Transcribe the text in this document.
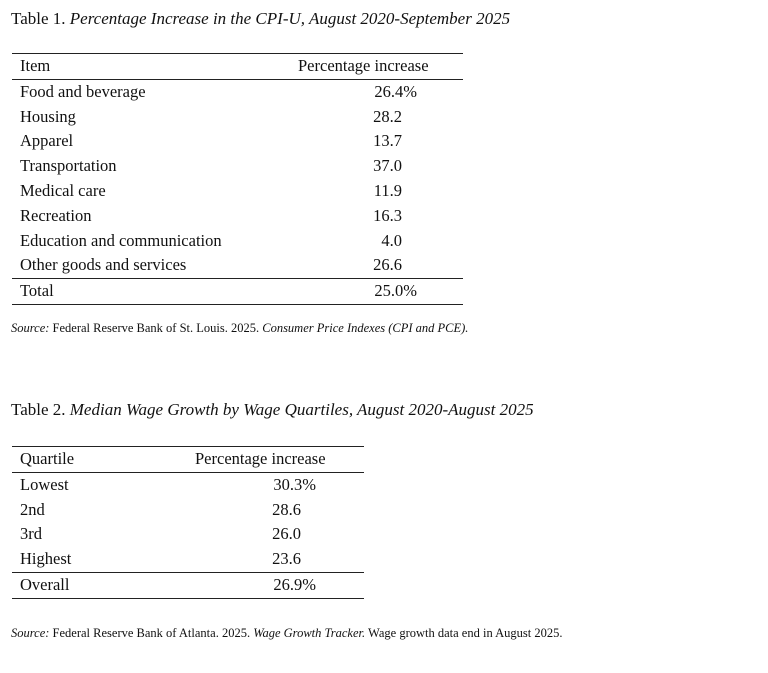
Table 1. Percentage Increase in the CPI-U, August 2020-September 2025
Item	Percentage increase
Food and beverage	26.4%
Housing	28.2
Apparel	13.7
Transportation	37.0
Medical care	11.9
Recreation	16.3
Education and communication	4.0
Other goods and services	26.6
Total	25.0%
Source: Federal Reserve Bank of St. Louis. 2025. Consumer Price Indexes (CPI and PCE).
Table 2. Median Wage Growth by Wage Quartiles, August 2020-August 2025
Quartile	Percentage increase
Lowest	30.3%
2nd	28.6
3rd	26.0
Highest	23.6
Overall	26.9%
Source: Federal Reserve Bank of Atlanta. 2025. Wage Growth Tracker. Wage growth data end in August 2025.
